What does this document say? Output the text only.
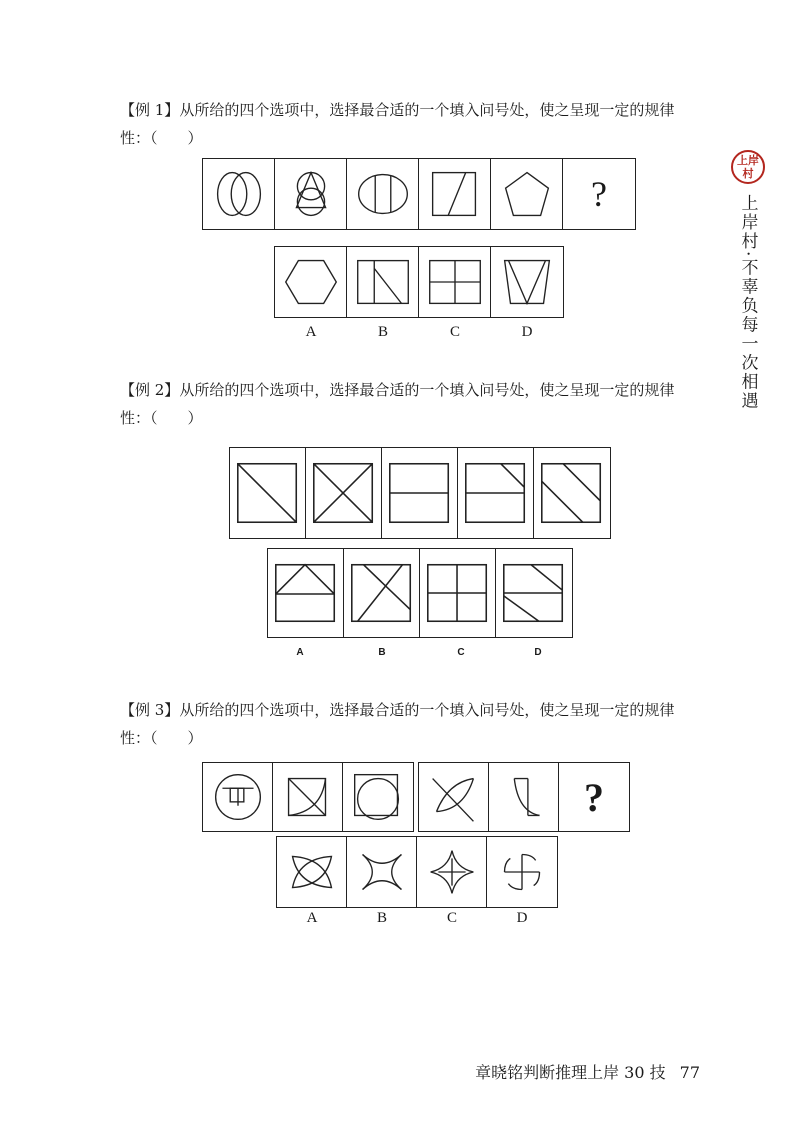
上岸村
上岸村·不辜负每一次相遇
【例 1】从所给的四个选项中，选择最合适的一个填入问号处，使之呈现一定的规律性：（　　）
?
A	B	C	D
【例 2】从所给的四个选项中，选择最合适的一个填入问号处，使之呈现一定的规律性：（　　）
A	B	C	D
【例 3】从所给的四个选项中，选择最合适的一个填入问号处，使之呈现一定的规律性：（　　）
?
A	B	C	D
章晓铭判断推理上岸 30 技 77
